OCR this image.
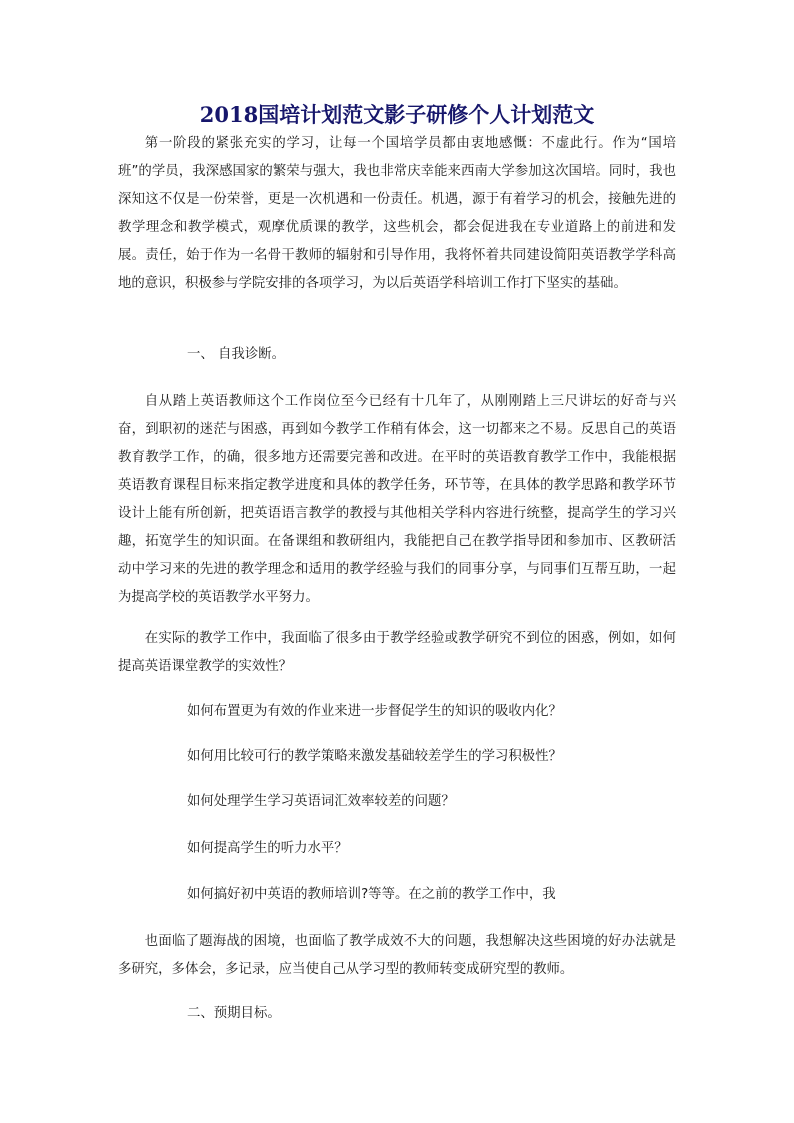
2018国培计划范文影子研修个人计划范文
第一阶段的紧张充实的学习，让每一个国培学员都由衷地感慨：不虚此行。作为“国培班”的学员，我深感国家的繁荣与强大，我也非常庆幸能来西南大学参加这次国培。同时，我也深知这不仅是一份荣誉，更是一次机遇和一份责任。机遇，源于有着学习的机会，接触先进的教学理念和教学模式，观摩优质课的教学，这些机会，都会促进我在专业道路上的前进和发展。责任，始于作为一名骨干教师的辐射和引导作用，我将怀着共同建设简阳英语教学学科高地的意识，积极参与学院安排的各项学习，为以后英语学科培训工作打下坚实的基础。
一、 自我诊断。
自从踏上英语教师这个工作岗位至今已经有十几年了，从刚刚踏上三尺讲坛的好奇与兴奋，到职初的迷茫与困惑，再到如今教学工作稍有体会，这一切都来之不易。反思自己的英语教育教学工作，的确，很多地方还需要完善和改进。在平时的英语教育教学工作中，我能根据英语教育课程目标来指定教学进度和具体的教学任务，环节等，在具体的教学思路和教学环节设计上能有所创新，把英语语言教学的教授与其他相关学科内容进行统整，提高学生的学习兴趣，拓宽学生的知识面。在备课组和教研组内，我能把自己在教学指导团和参加市、区教研活动中学习来的先进的教学理念和适用的教学经验与我们的同事分享，与同事们互帮互助，一起为提高学校的英语教学水平努力。
在实际的教学工作中，我面临了很多由于教学经验或教学研究不到位的困惑，例如，如何提高英语课堂教学的实效性？
如何布置更为有效的作业来进一步督促学生的知识的吸收内化？
如何用比较可行的教学策略来激发基础较差学生的学习积极性？
如何处理学生学习英语词汇效率较差的问题？
如何提高学生的听力水平？
如何搞好初中英语的教师培训?等等。在之前的教学工作中，我
也面临了题海战的困境，也面临了教学成效不大的问题，我想解决这些困境的好办法就是多研究，多体会，多记录，应当使自己从学习型的教师转变成研究型的教师。
二、预期目标。
